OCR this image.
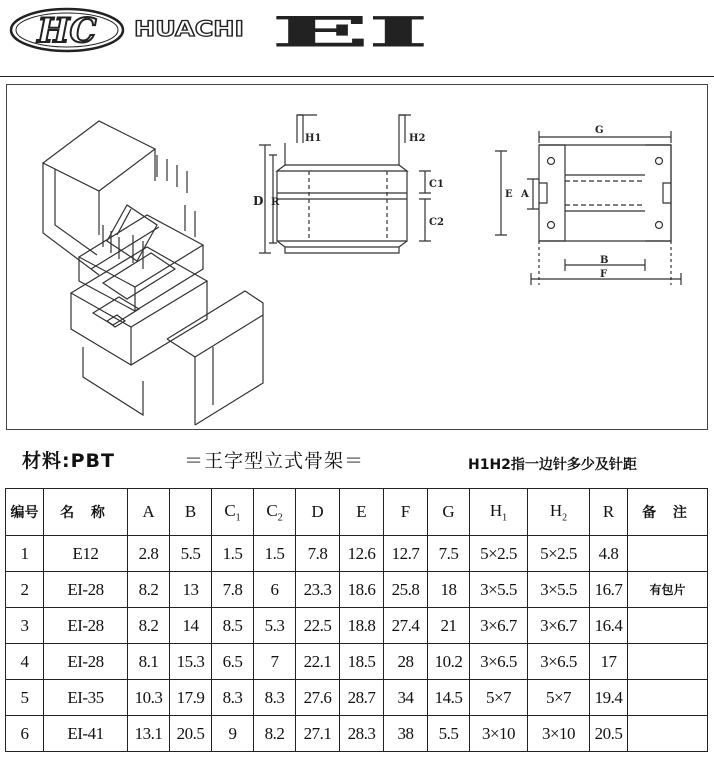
HC HUACHI EI
H1	H2
D R
C1
C2
G
E A
B
F
材料:PBT	＝王字型立式骨架＝	H1H2指一边针多少及针距
编号	名 称	A	B	$C_1$	$C_2$	D	E	F	G	$H_1$	$H_2$	R	备 注
1	E12	2.8	5.5	1.5	1.5	7.8	12.6	12.7	7.5	5×2.5	5×2.5	4.8	
2	EI-28	8.2	13	7.8	6	23.3	18.6	25.8	18	3×5.5	3×5.5	16.7	有包片
3	EI-28	8.2	14	8.5	5.3	22.5	18.8	27.4	21	3×6.7	3×6.7	16.4	
4	EI-28	8.1	15.3	6.5	7	22.1	18.5	28	10.2	3×6.5	3×6.5	17	
5	EI-35	10.3	17.9	8.3	8.3	27.6	28.7	34	14.5	5×7	5×7	19.4	
6	EI-41	13.1	20.5	9	8.2	27.1	28.3	38	5.5	3×10	3×10	20.5	
